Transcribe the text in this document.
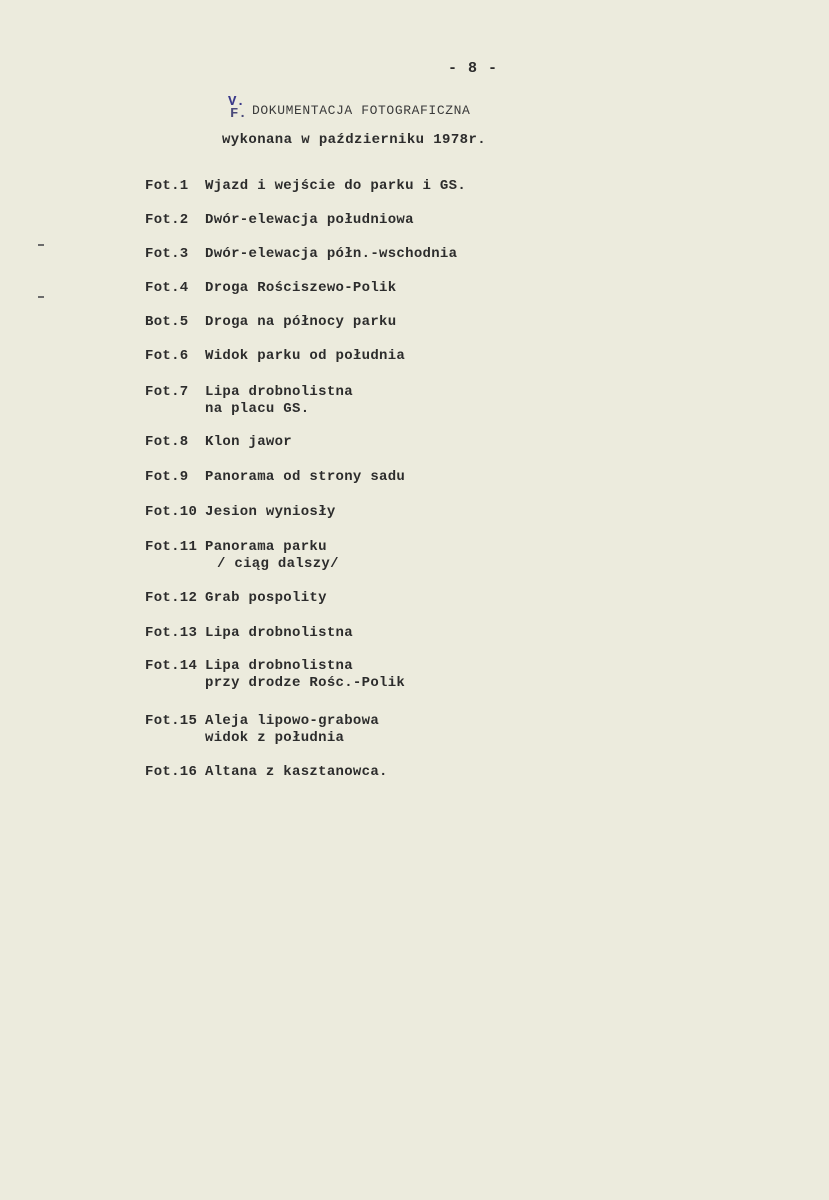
- 8 -
V.
F. DOKUMENTACJA FOTOGRAFICZNA
wykonana w październiku 1978r.
Fot.1 Wjazd i wejście do parku i GS.
Fot.2 Dwór-elewacja południowa
Fot.3 Dwór-elewacja półn.-wschodnia
Fot.4 Droga Rościszewo-Polik
Bot.5 Droga na północy parku
Fot.6 Widok parku od południa
Fot.7 Lipa drobnolistna
na placu GS.
Fot.8 Klon jawor
Fot.9 Panorama od strony sadu
Fot.10 Jesion wyniosły
Fot.11 Panorama parku
/ ciąg dalszy/
Fot.12 Grab pospolity
Fot.13 Lipa drobnolistna
Fot.14 Lipa drobnolistna
przy drodze Rośc.-Polik
Fot.15 Aleja lipowo-grabowa
widok z południa
Fot.16 Altana z kasztanowca.
